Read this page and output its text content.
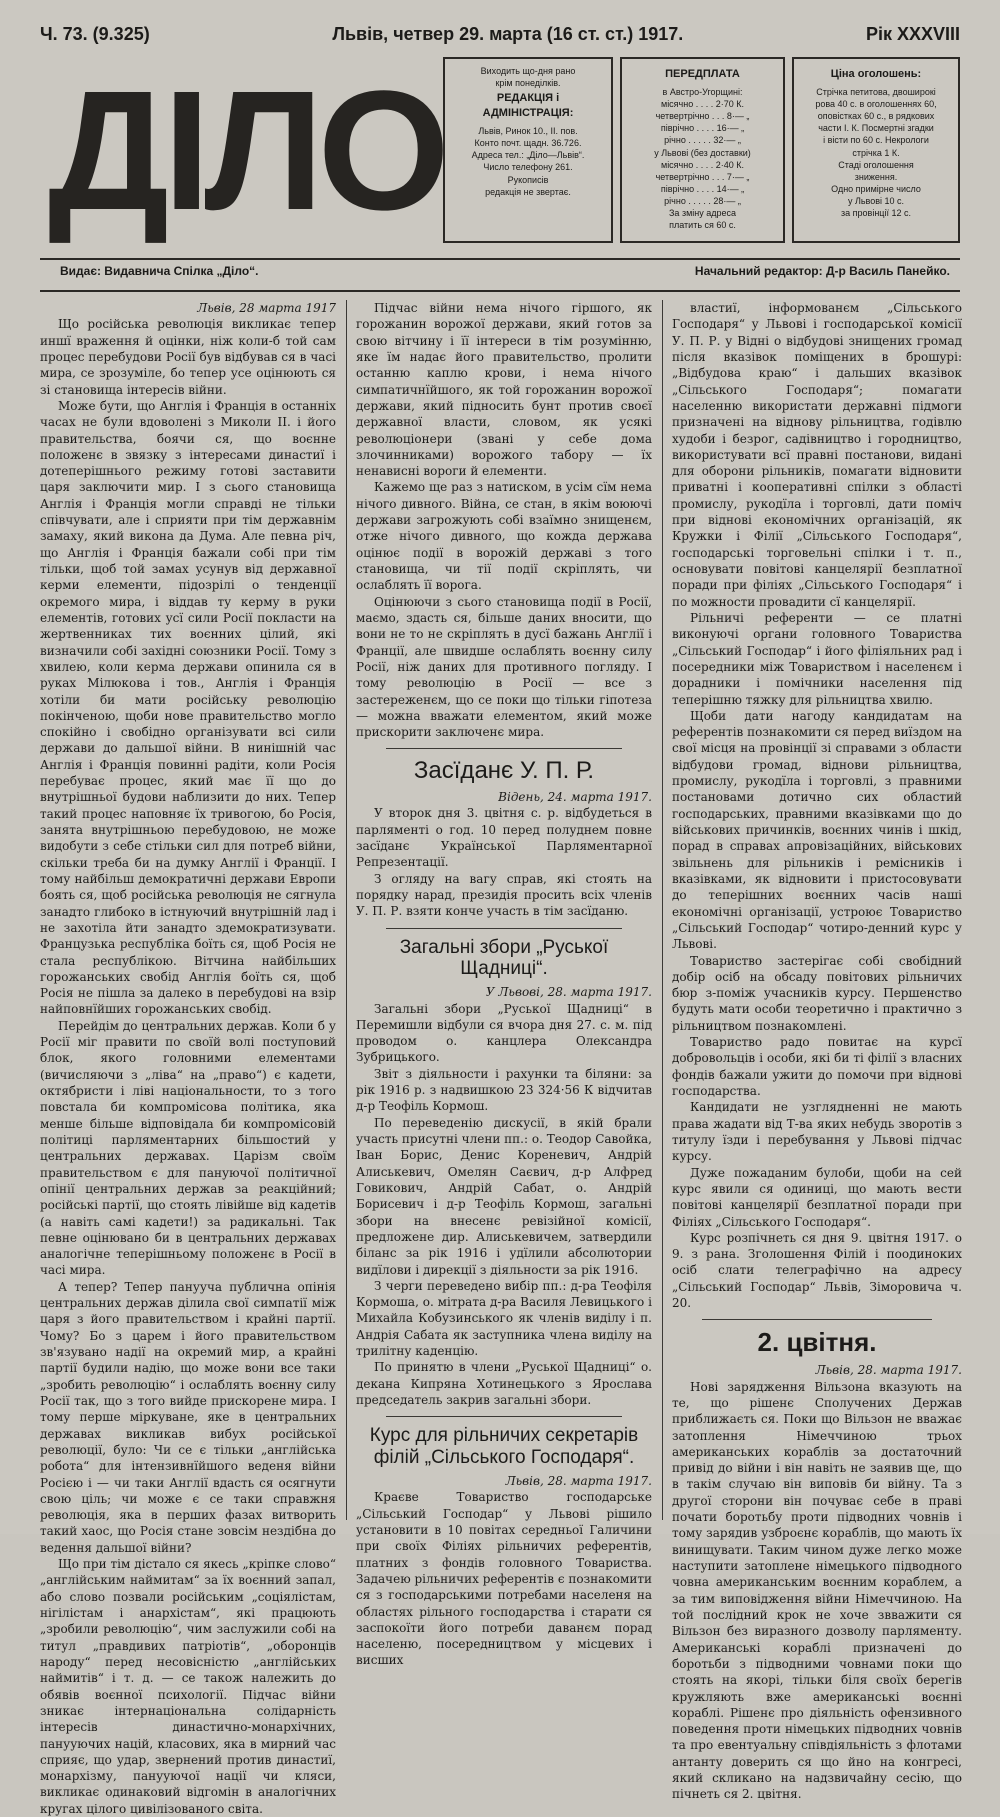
Ч. 73. (9.325)	Львів, четвер 29. марта (16 ст. ст.) 1917.	Рік XXXVIII
ДІЛО	Виходить що-дня рано
крім понеділків.
РЕДАКЦІЯ і АДМІНІСТРАЦІЯ:
Львів, Ринок 10., II. пов.
Конто почт. щадн. 36.726.
Адреса тел.: „Діло—Львів“.
Число телефону 261.
Рукописів
редакція не звертає.
ПЕРЕДПЛАТА
в Австро-Угорщині:
місячно . . . . 2·70 К.
четвертрічно . . . 8·— „
піврічно . . . . 16·— „
річно . . . . . 32·— „
у Львові (без доставки)
місячно . . . . 2·40 К.
четвертрічно . . . 7·— „
піврічно . . . . 14·— „
річно . . . . . 28·— „
За зміну адреса
платить ся 60 с.
Ціна оголошень:
Стрічка петитова, двоширокі
рова 40 с. в оголошеннях 60,
оповістках 60 с., в рядкових
части I. К. Посмертні згадки
і вісти по 60 с. Некрологи
стрічка 1 К.
Стаді оголошення
зниження.
Одно примірне число
у Львові 10 с.
за провінції 12 с.
Видає: Видавнича Спілка „Діло“.	Начальний редактор: Д-р Василь Панейко.

Львів, 28 марта 1917

Що російська революція викликає тепер иншї враження й оцінки, ніж коли-б той сам процес перебудови Росії був відбував ся в часі мира, се зрозуміле, бо тепер усе оцінюють ся зі становища інтересів війни.

Може бути, що Англія і Франція в останніх часах не були вдоволені з Миколи II. і його правительства, боячи ся, що воєнне положенє в звязку з інтересами династиї і дотеперішнього режиму готові заставити царя заключити мир. І з сього становища Англія і Франція могли справді не тільки співчувати, але і сприяти при тім державнім замаху, який викона да Дума. Але певна річ, що Англія і Франція бажали собі при тім тільки, щоб той замах усунув від державної керми елементи, підозрілі о тенденції окремого мира, і віддав ту керму в руки елементів, готових усї сили Росії покласти на жертвенниках тих воєнних цілий, які визначили собі західні союзники Росії. Тому з хвилею, коли керма держави опинила ся в руках Мілюкова і тов., Англія і Франція хотіли би мати російську революцію покінченою, щоби нове правительство могло спокійно і свобідно організувати всі сили держави до дальшої війни. В нинішній час Англія і Франція повинні радіти, коли Росія перебуває процес, який має її що до внутрішньої будови наблизити до них. Тепер такий процес наповняє їх тривогою, бо Росія, занята внутрішньою перебудовою, не може видобути з себе стільки сил для потреб війни, скільки треба би на думку Англії і Франції. І тому найбільш демократичні держави Европи боять ся, щоб російська революція не сягнула занадто глибоко в істнуючий внутрішній лад і не захотіла йти занадто здемократизувати. Французька республіка боїть ся, щоб Росія не стала республікою. Вітчина найбільших горожанських свобід Англія боїть ся, щоб Росія не пішла за далеко в перебудові на взір найповнїйших горожанських свобід.

Перейдім до центральних держав. Коли б у Росії міг правити по своїй волі поступовий блок, якого головними елементами (вичисляючи з „ліва“ на „право“) є кадети, октябристи і ліві національности, то з того повстала би компромісова політика, яка менше більше відповідала би компромісовій політиці парляментарних більшостий у центральних державах. Царізм своїм правительством є для пануючої політичної опінії центральних держав за реакційний; російські партії, що стоять лівійше від кадетів (а навіть самі кадети!) за радикальні. Так певне оцінювано би в центральних державах аналогічне теперішньому положенє в Росії в часі мира.

А тепер? Тепер панууча публична опінія центральних держав ділила свої симпатії між царя з його правительством і крайні партії. Чому? Бо з царем і його правительством зв'язувано надії на окремий мир, а крайні партії будили надію, що може вони все таки „зробить революцію“ і ослаблять воєнну силу Росії так, що з того вийде прискорене мира. І тому перше міркуване, яке в центральних державах викликав вибух російської революції, було: Чи се є тільки „англійська робота“ для інтензивнїйшого веденя війни Росією і — чи таки Англії вдасть ся осягнути свою ціль; чи може є се таки справжня революція, яка в перших фазах витворить такий хаос, що Росія стане зовсім нездібна до ведення дальшої війни?

Що при тім дістало ся якесь „кріпке слово“ „англійським наймитам“ за їх воєнний запал, або слово позвали російським „соціялістам, нігілістам і анархістам“, які працюють „зробили революцію“, чим заслужили собі на титул „правдивих патріотів“, „оборонців народу“ перед несовісністю „англійських наймитів“ і т. д. — се також належить до обявів воєнної психології. Підчас війни зникає інтернаціональна солідарність інтересів династично-монархічних, панууючих націй, класових, яка в мирний час сприяє, що удар, звернений против династиї, монархізму, панууючої нації чи кляси, викликає одинаковий відгомін в аналогічних кругах цілого цивілізованого світа.

Підчас війни нема нічого гіршого, як горожанин ворожої держави, який готов за свою вітчину і її інтереси в тім розумінню, яке їм надає його правительство, пролити останню каплю крови, і нема нічого симпатичнїйшого, як той горожанин ворожої держави, який підносить бунт против своєї державної власти, словом, як усякі революціонери (звані у себе дома злочинниками) ворожого табору — їх ненависні вороги й елементи.

Кажемо ще раз з натиском, в усім сїм нема нічого дивного. Війна, се стан, в якім воюючі держави загрожують собі взаїмно знищенєм, отже нічого дивного, що кожда держава оцінює події в ворожій державі з того становища, чи тії події скріплять, чи ослаблять її ворога.

Оцінюючи з сього становища події в Росії, маємо, здасть ся, більше даних вносити, що вони не то не скріплять в дусї бажань Англії і Франції, але швидше ослаблять воєнну силу Росії, ніж даних для противного погляду. І тому революцію в Росії — все з застереженєм, що се поки що тільки гіпотеза — можна вважати елементом, який може прискорити заключенє мира.

Засїданє У. П. Р.

Відень, 24. марта 1917.

У второк дня 3. цвітня с. р. відбудеться в парляменті о год. 10 перед полуднем повне засїданє Української Парляментарної Репрезентації.

З огляду на вагу справ, які стоять на порядку нарад, президія просить всіх членів У. П. Р. взяти конче участь в тім засїданю.

Загальні збори „Руської Щадниці“.

У Львові, 28. марта 1917.

Загальні збори „Руської Щадниці“ в Перемишли відбули ся вчора дня 27. с. м. під проводом о. канцлера Олександра Зубрицького.

Звіт з діяльности і рахунки та біляни: за рік 1916 р. з надвишкою 23 324·56 К відчитав д-р Теофіль Кормош.

По переведенію дискусії, в якій брали участь присутні члени пп.: о. Теодор Савойка, Іван Борис, Денис Кореневич, Андрій Алиськевич, Омелян Саєвич, д-р Алфред Говикович, Андрій Сабат, о. Андрій Борисевич і д-р Теофіль Кормош, загальні збори на внесенє ревізійної комісії, предложене дир. Алиськевичем, затвердили біланс за рік 1916 і удїлили абсолютории видїлови і дирекції з діяльности за рік 1916.

З черги переведено вибір пп.: д-ра Теофіля Кормоша, о. мітрата д-ра Василя Левицького і Михайла Кобузинського як членів виділу і п. Андрія Сабата як заступника члена виділу на трилітну каденцію.

По принятю в члени „Руської Щадниці“ о. декана Кипряна Хотинецького з Ярослава председатель закрив загальні збори.

Курс для рільничих секретарів філій „Сільського Господаря“.

Львів, 28. марта 1917.

Краєве Товариство господарське „Сільський Господар“ у Львові рішило установити в 10 повітах середньої Галичини при своїх Філіях рільничих референтів, платних з фондів головного Товариства. Задачею рільничих референтів є познакомити ся з господарськими потребами населеня на областях рільного господарства і старати ся заспокоїти його потреби даванєм порад населеню, посередництвом у місцевих і висших

властиї, інформованєм „Сільського Господаря“ у Львові і господарської комісії У. П. Р. у Відні о відбудові знищених громад після вказівок поміщених в брошурі: „Відбудова краю“ і дальших вказівок „Сільського Господаря“; помагати населенню використати державні підмоги призначені на віднову рільництва, годівлю худоби і безрог, садівництво і городництво, використувати всї правні постанови, видані для оборони рільників, помагати відновити приватні і кооперативні спілки з області промислу, рукодїла і торговлі, дати поміч при віднові економічних організацій, як Кружки і Філії „Сільського Господаря“, господарські торговельні спілки і т. п., основувати повітові канцелярії безплатної поради при філіях „Сільського Господаря“ і по можности провадити сї канцелярії.

Рільничі референти — се платні виконуючі органи головного Товариства „Сільський Господар“ і його філіяльних рад і посередники між Товариством і населенєм і дорадники і помічники населення під теперішню тяжку для рільництва хвилю.

Щоби дати нагоду кандидатам на референтів познакомити ся перед виїздом на свої місця на провінції зі справами з области відбудови громад, віднови рільництва, промислу, рукодїла і торговлі, з правними постановами дотично сих областий господарських, правними вказівками що до військових причинків, воєнних чинів і шкід, порад в справах апровізаційних, військових звільнень для рільників і ремісників і вказівками, як відновити і пристосовувати до теперішних воєнних часів наші економічні організації, устроює Товариство „Сільський Господар“ чотиро-денний курс у Львові.

Товариство застерігає собі свобідний добір осіб на обсаду повітових рільничих бюр з-поміж учасників курсу. Першенство будуть мати особи теоретично і практично з рільництвом познакомлені.

Товариство радо повитає на курсї добровольців і особи, які би ті філії з власних фондів бажали ужити до помочи при віднові господарства.

Кандидати не узглядненні не мають права жадати від Т-ва яких небудь зворотів з титулу їзди і перебування у Львові підчас курсу.

Дуже пожаданим булоби, щоби на сей курс явили ся одиниці, що мають вести повітові канцелярії безплатної поради при Філіях „Сільського Господаря“.

Курс розпічнеть ся дня 9. цвітня 1917. о 9. з рана. Зголошення Філій і поодиноких осіб слати телеграфічно на адресу „Сільський Господар“ Львів, Зіморовича ч. 20.

2. цвітня.

Львів, 28. марта 1917.

Нові зарядження Вільзона вказують на те, що рішенє Сполучених Держав приближаєть ся. Поки що Вільзон не вважає затоплення Німеччиною трьох американських кораблів за достаточний привід до війни і він навіть не заявив ще, що в такім случаю він виповів би війну. Та з другої сторони він почуває себе в праві почати боротьбу проти підводних човнів і тому зарядив узброєнє кораблів, що мають їх винищувати. Таким чином дуже легко може наступити затоплене німецького підводного човна американським воєнним кораблем, а за тим виповідження війни Німеччиною. На той послідний крок не хоче звважити ся Вільзон без виразного дозволу парляменту. Американські кораблі призначені до боротьби з підводними човнами поки що стоять на якорі, тільки біля своїх берегів кружляють вже американські воєнні кораблі. Рішенє про діяльність офензивного поведення проти німецьких підводних човнів та про евентуальну співдіяльність з флотами антанту доверить ся що йно на конгресі, який скликано на надзвичайну сесію, що пічнеть ся 2. цвітня.
